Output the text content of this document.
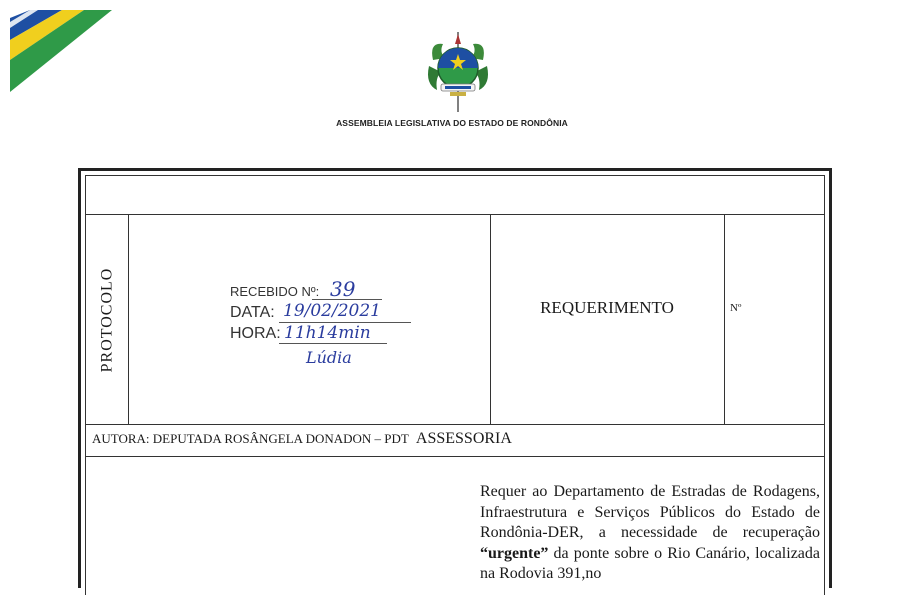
ASSEMBLEIA LEGISLATIVA DO ESTADO DE RONDÔNIA
PROTOCOLO	RECEBIDO Nº: 39
DATA: 19/02/2021
HORA: 11h14min
Lúdia
REQUERIMENTO	Nº
AUTORA: DEPUTADA ROSÂNGELA DONADON – PDT ASSESSORIA
Requer ao Departamento de Estradas de Rodagens, Infraestrutura e Serviços Públicos do Estado de Rondônia-DER, a necessidade de recuperação “urgente” da ponte sobre o Rio Canário, localizada na Rodovia 391,no
